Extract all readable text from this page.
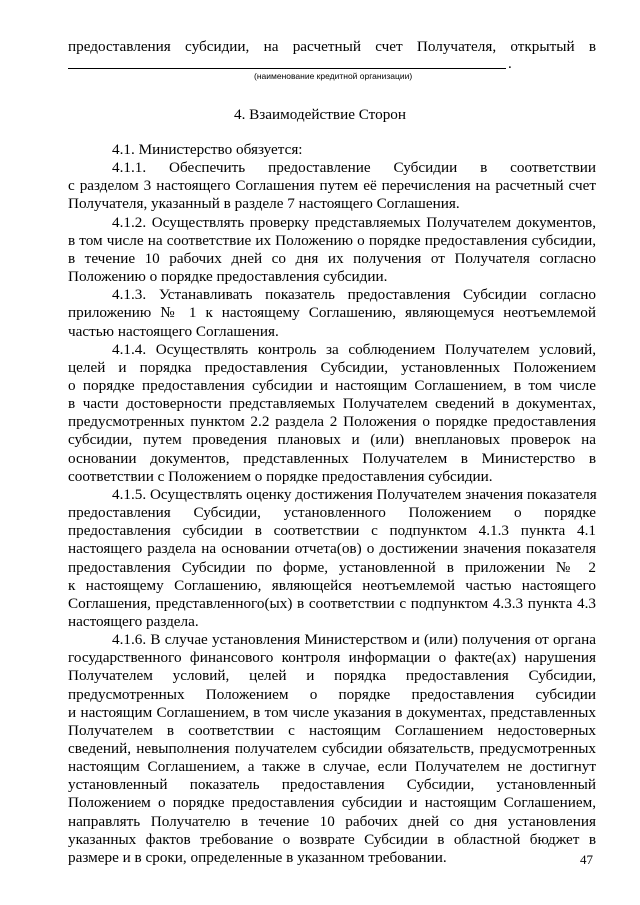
предоставления субсидии, на расчетный счет Получателя, открытый в
.
(наименование кредитной организации)
4. Взаимодействие Сторон
4.1. Министерство обязуется:
4.1.1. Обеспечить предоставление Субсидии в соответствии
с разделом 3 настоящего Соглашения путем её перечисления на расчетный счет
Получателя, указанный в разделе 7 настоящего Соглашения.
4.1.2. Осуществлять проверку представляемых Получателем документов,
в том числе на соответствие их Положению о порядке предоставления субсидии,
в течение 10 рабочих дней со дня их получения от Получателя согласно
Положению о порядке предоставления субсидии.
4.1.3. Устанавливать показатель предоставления Субсидии согласно
приложению № 1 к настоящему Соглашению, являющемуся неотъемлемой
частью настоящего Соглашения.
4.1.4. Осуществлять контроль за соблюдением Получателем условий,
целей и порядка предоставления Субсидии, установленных Положением
о порядке предоставления субсидии и настоящим Соглашением, в том числе
в части достоверности представляемых Получателем сведений в документах,
предусмотренных пунктом 2.2 раздела 2 Положения о порядке предоставления
субсидии, путем проведения плановых и (или) внеплановых проверок на
основании документов, представленных Получателем в Министерство в
соответствии с Положением о порядке предоставления субсидии.
4.1.5. Осуществлять оценку достижения Получателем значения показателя
предоставления Субсидии, установленного Положением о порядке
предоставления субсидии в соответствии с подпунктом 4.1.3 пункта 4.1
настоящего раздела на основании отчета(ов) о достижении значения показателя
предоставления Субсидии по форме, установленной в приложении № 2
к настоящему Соглашению, являющейся неотъемлемой частью настоящего
Соглашения, представленного(ых) в соответствии с подпунктом 4.3.3 пункта 4.3
настоящего раздела.
4.1.6. В случае установления Министерством и (или) получения от органа
государственного финансового контроля информации о факте(ах) нарушения
Получателем условий, целей и порядка предоставления Субсидии,
предусмотренных Положением о порядке предоставления субсидии
и настоящим Соглашением, в том числе указания в документах, представленных
Получателем в соответствии с настоящим Соглашением недостоверных
сведений, невыполнения получателем субсидии обязательств, предусмотренных
настоящим Соглашением, а также в случае, если Получателем не достигнут
установленный показатель предоставления Субсидии, установленный
Положением о порядке предоставления субсидии и настоящим Соглашением,
направлять Получателю в течение 10 рабочих дней со дня установления
указанных фактов требование о возврате Субсидии в областной бюджет в
размере и в сроки, определенные в указанном требовании.	47
